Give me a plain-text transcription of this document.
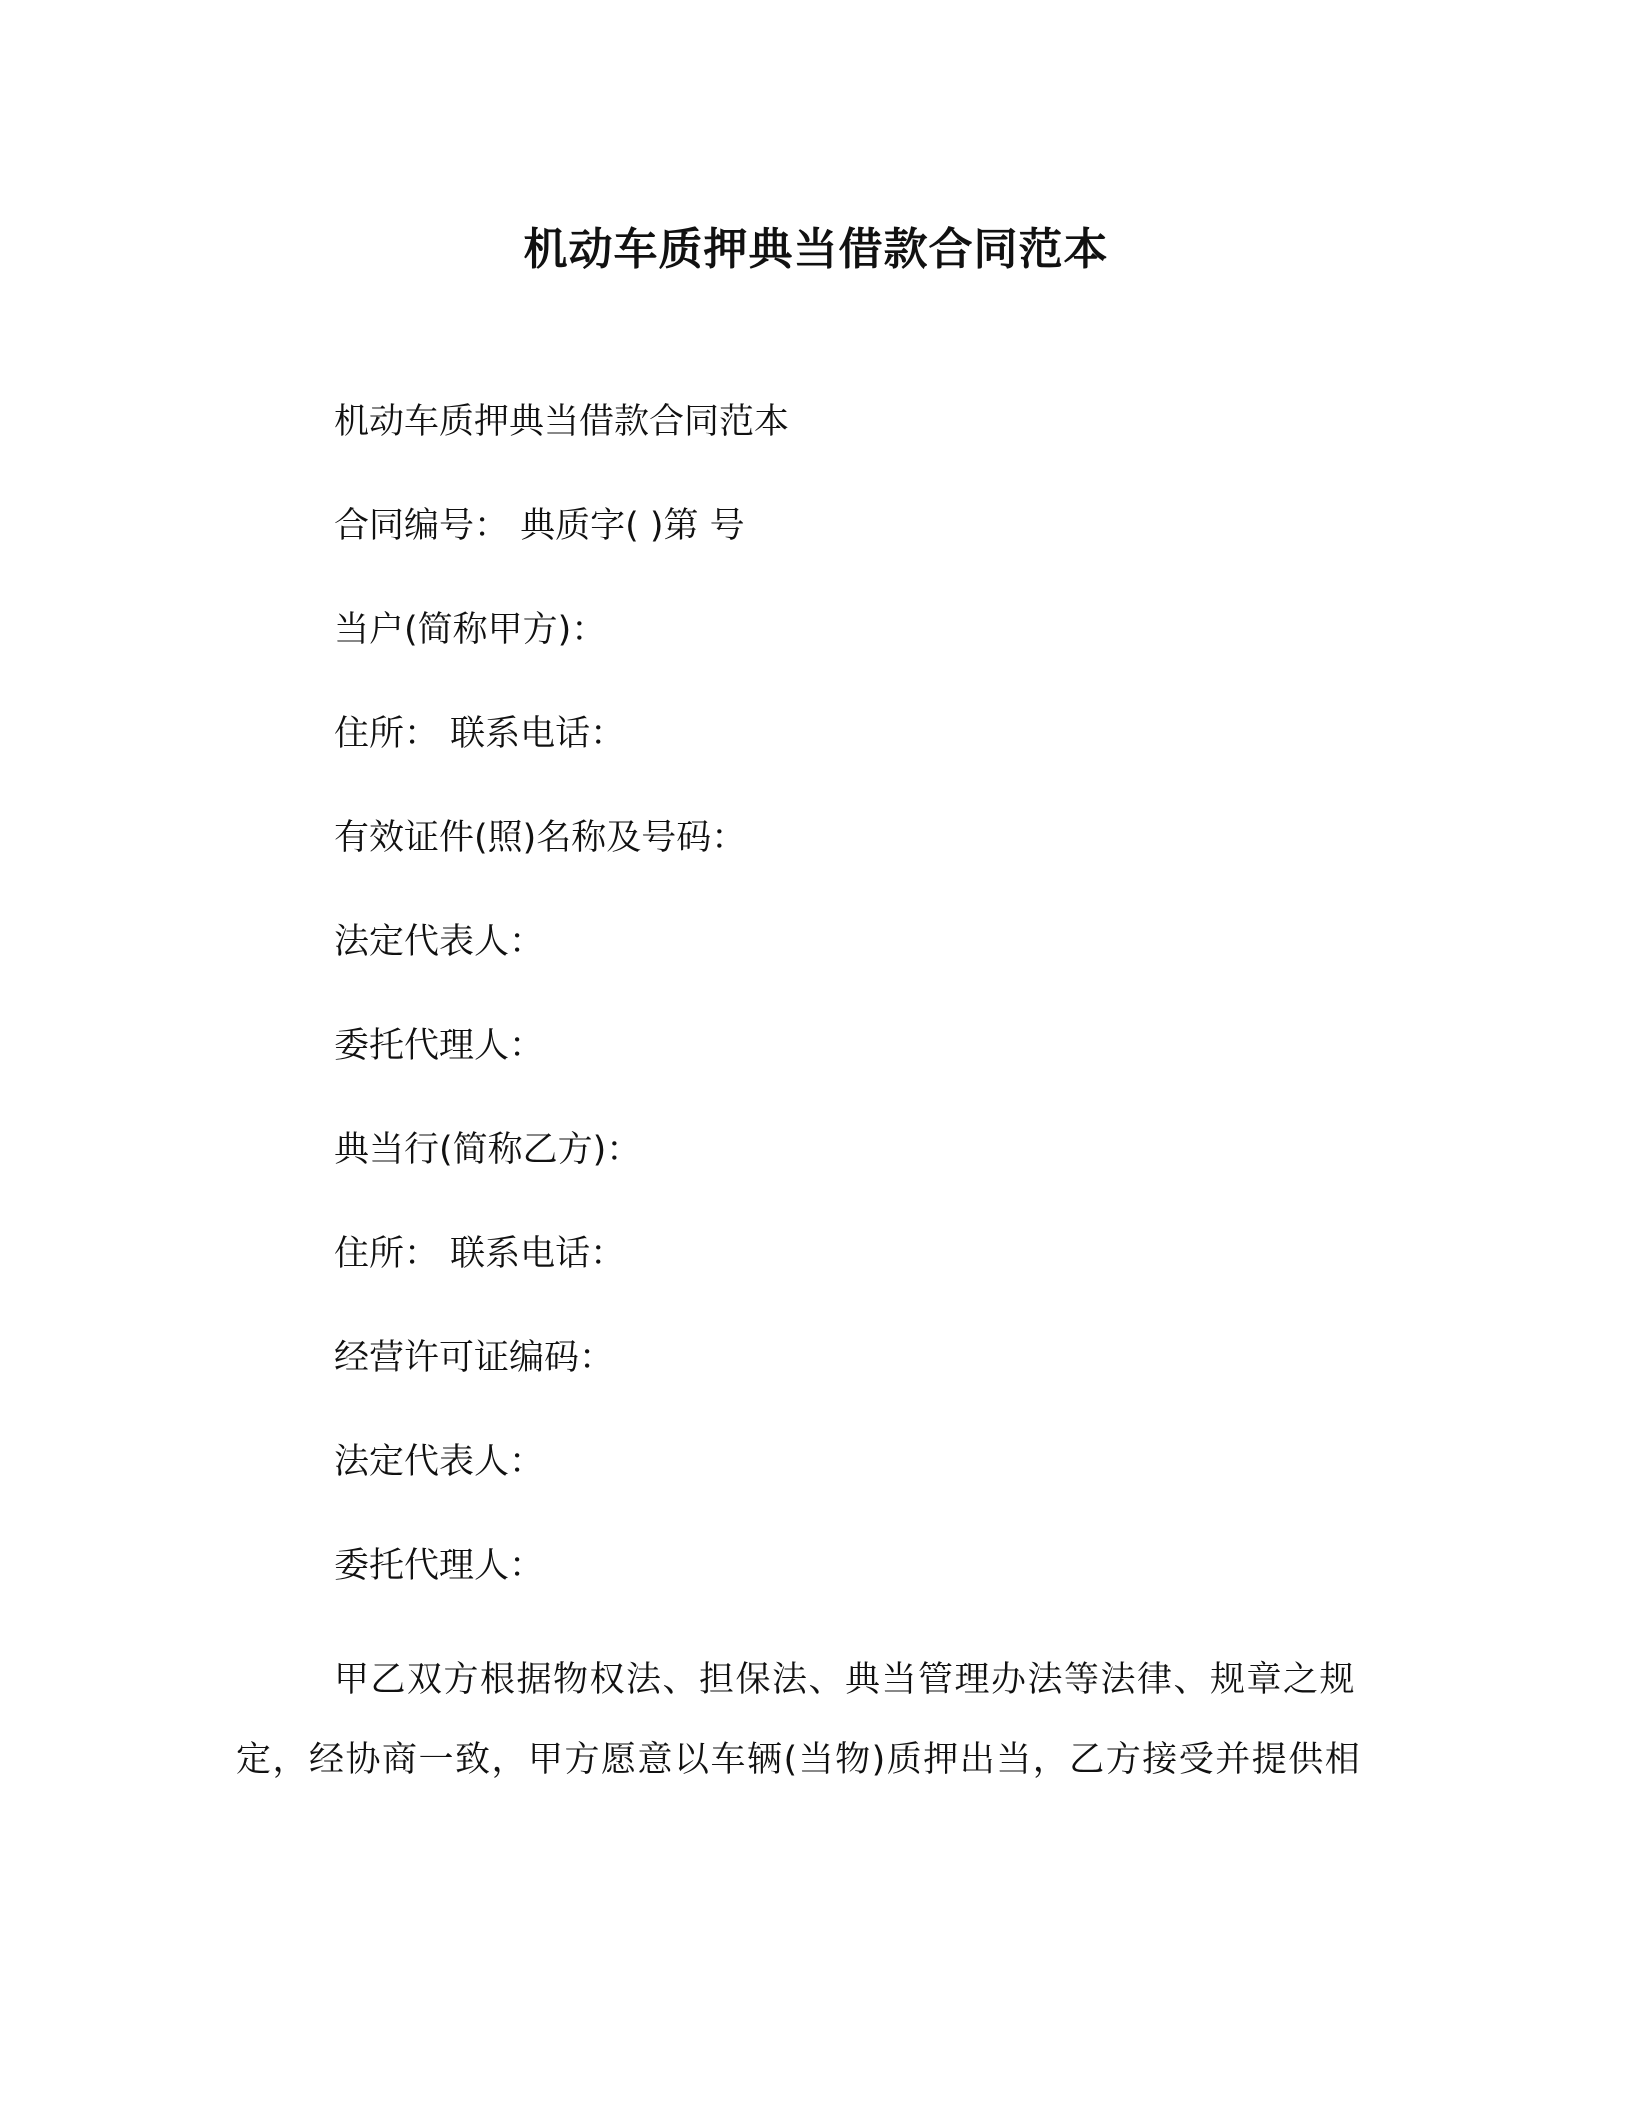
机动车质押典当借款合同范本
机动车质押典当借款合同范本
合同编号： 典质字( )第 号
当户(简称甲方)：
住所： 联系电话：
有效证件(照)名称及号码：
法定代表人：
委托代理人：
典当行(简称乙方)：
住所： 联系电话：
经营许可证编码：
法定代表人：
委托代理人：
甲乙双方根据物权法、担保法、典当管理办法等法律、规章之规定，经协商一致，甲方愿意以车辆(当物)质押出当，乙方接受并提供相
